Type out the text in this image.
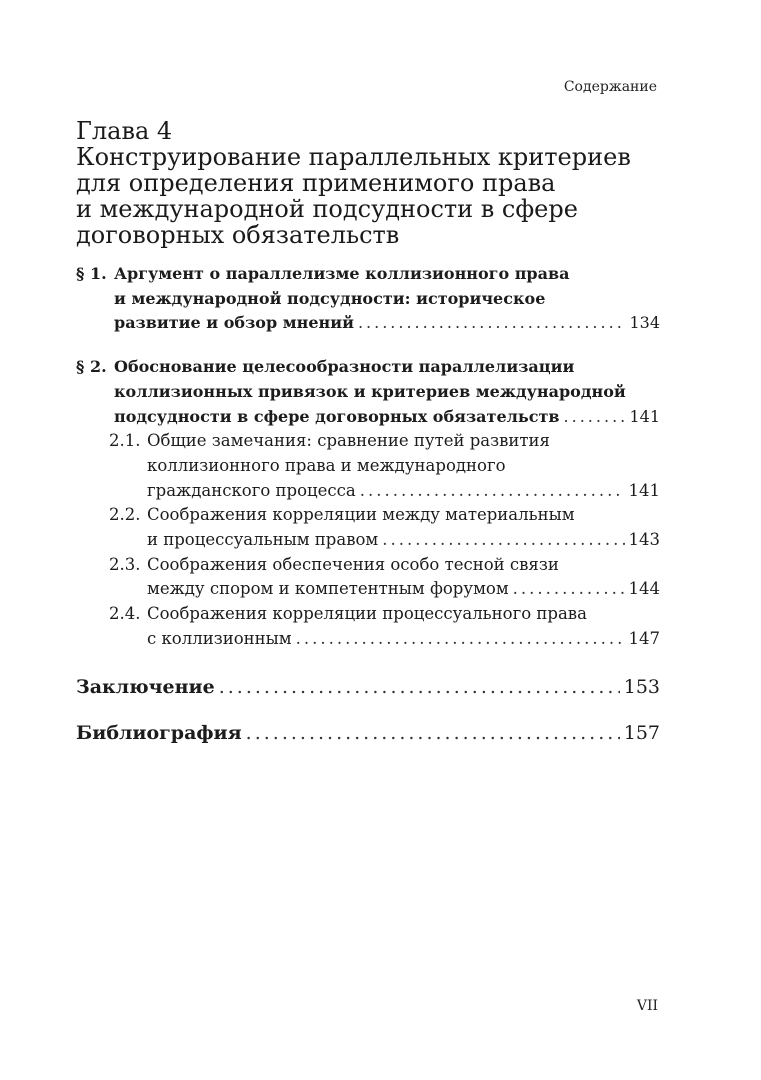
Содержание
Глава 4
Конструирование параллельных критериев
для определения применимого права
и международной подсудности в сфере
договорных обязательств
§ 1. Аргумент о параллелизме коллизионного права
и международной подсудности: историческое
развитие и обзор мнений .....	134
§ 2. Обоснование целесообразности параллелизации
коллизионных привязок и критериев международной
подсудности в сфере договорных обязательств .....	141
2.1. Общие замечания: сравнение путей развития
коллизионного права и международного
гражданского процесса .....	141
2.2. Соображения корреляции между материальным
и процессуальным правом .....	143
2.3. Соображения обеспечения особо тесной связи
между спором и компетентным форумом .....	144
2.4. Соображения корреляции процессуального права
с коллизионным .....	147
Заключение .....	153
Библиография .....	157
VII
